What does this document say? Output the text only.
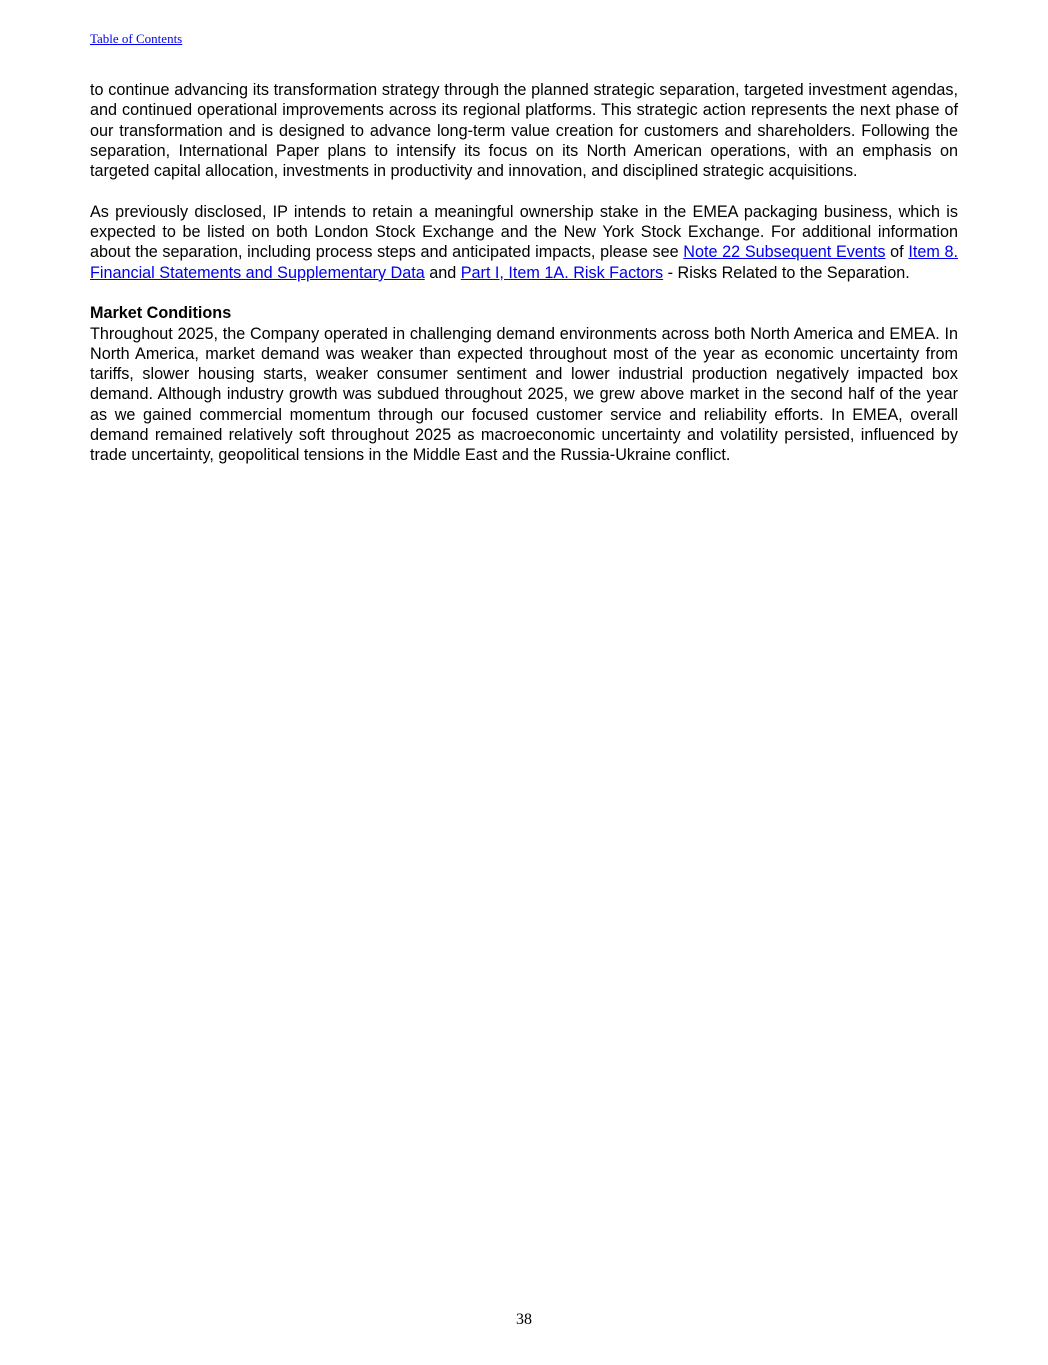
Table of Contents

to continue advancing its transformation strategy through the planned strategic separation, targeted investment agendas, and continued operational improvements across its regional platforms. This strategic action represents the next phase of our transformation and is designed to advance long-term value creation for customers and shareholders. Following the separation, International Paper plans to intensify its focus on its North American operations, with an emphasis on targeted capital allocation, investments in productivity and innovation, and disciplined strategic acquisitions.

As previously disclosed, IP intends to retain a meaningful ownership stake in the EMEA packaging business, which is expected to be listed on both London Stock Exchange and the New York Stock Exchange. For additional information about the separation, including process steps and anticipated impacts, please see Note 22 Subsequent Events of Item 8. Financial Statements and Supplementary Data and Part I, Item 1A. Risk Factors - Risks Related to the Separation.

Market Conditions

Throughout 2025, the Company operated in challenging demand environments across both North America and EMEA. In North America, market demand was weaker than expected throughout most of the year as economic uncertainty from tariffs, slower housing starts, weaker consumer sentiment and lower industrial production negatively impacted box demand. Although industry growth was subdued throughout 2025, we grew above market in the second half of the year as we gained commercial momentum through our focused customer service and reliability efforts. In EMEA, overall demand remained relatively soft throughout 2025 as macroeconomic uncertainty and volatility persisted, influenced by trade uncertainty, geopolitical tensions in the Middle East and the Russia-Ukraine conflict.

38
